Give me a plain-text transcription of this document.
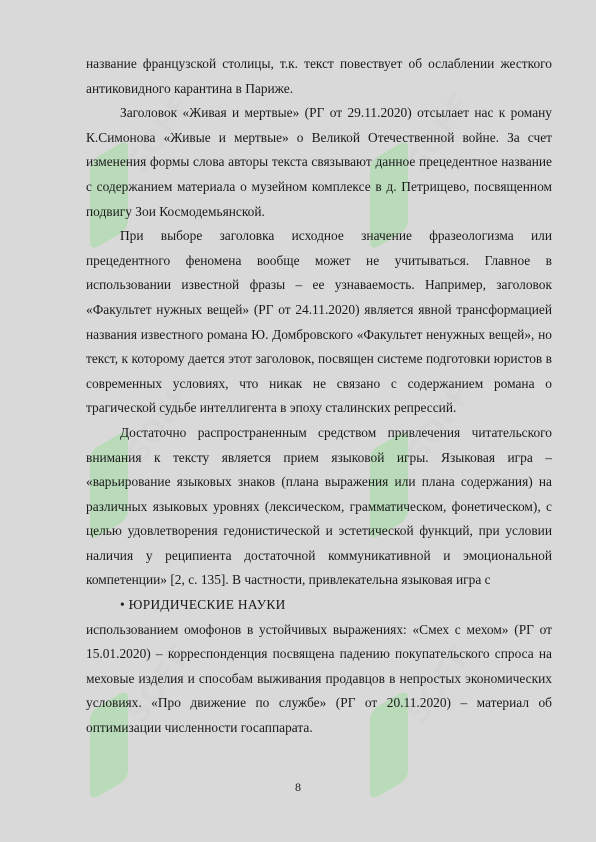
SOFF	SOFF
SOFF	SOFF
SOFF	SOFF

название французской столицы, т.к. текст повествует об ослаблении жесткого антиковидного карантина в Париже.

Заголовок «Живая и мертвые» (РГ от 29.11.2020) отсылает нас к роману К.Симонова «Живые и мертвые» о Великой Отечественной войне. За счет изменения формы слова авторы текста связывают данное прецедентное название с содержанием материала о музейном комплексе в д. Петрищево, посвященном подвигу Зои Космодемьянской.

При выборе заголовка исходное значение фразеологизма или прецедентного феномена вообще может не учитываться. Главное в использовании известной фразы – ее узнаваемость. Например, заголовок «Факультет нужных вещей» (РГ от 24.11.2020) является явной трансформацией названия известного романа Ю. Домбровского «Факультет ненужных вещей», но текст, к которому дается этот заголовок, посвящен системе подготовки юристов в современных условиях, что никак не связано с содержанием романа о трагической судьбе интеллигента в эпоху сталинских репрессий.

Достаточно распространенным средством привлечения читательского внимания к тексту является прием языковой игры. Языковая игра – «варьирование языковых знаков (плана выражения или плана содержания) на различных языковых уровнях (лексическом, грамматическом, фонетическом), с целью удовлетворения гедонистической и эстетической функций, при условии наличия у реципиента достаточной коммуникативной и эмоциональной компетенции» [2, с. 135]. В частности, привлекательна языковая игра с

• ЮРИДИЧЕСКИЕ НАУКИ

использованием омофонов в устойчивых выражениях: «Смех с мехом» (РГ от 15.01.2020) – корреспонденция посвящена падению покупательского спроса на меховые изделия и способам выживания продавцов в непростых экономических условиях. «Про движение по службе» (РГ от 20.11.2020) – материал об оптимизации численности госаппарата.

8
